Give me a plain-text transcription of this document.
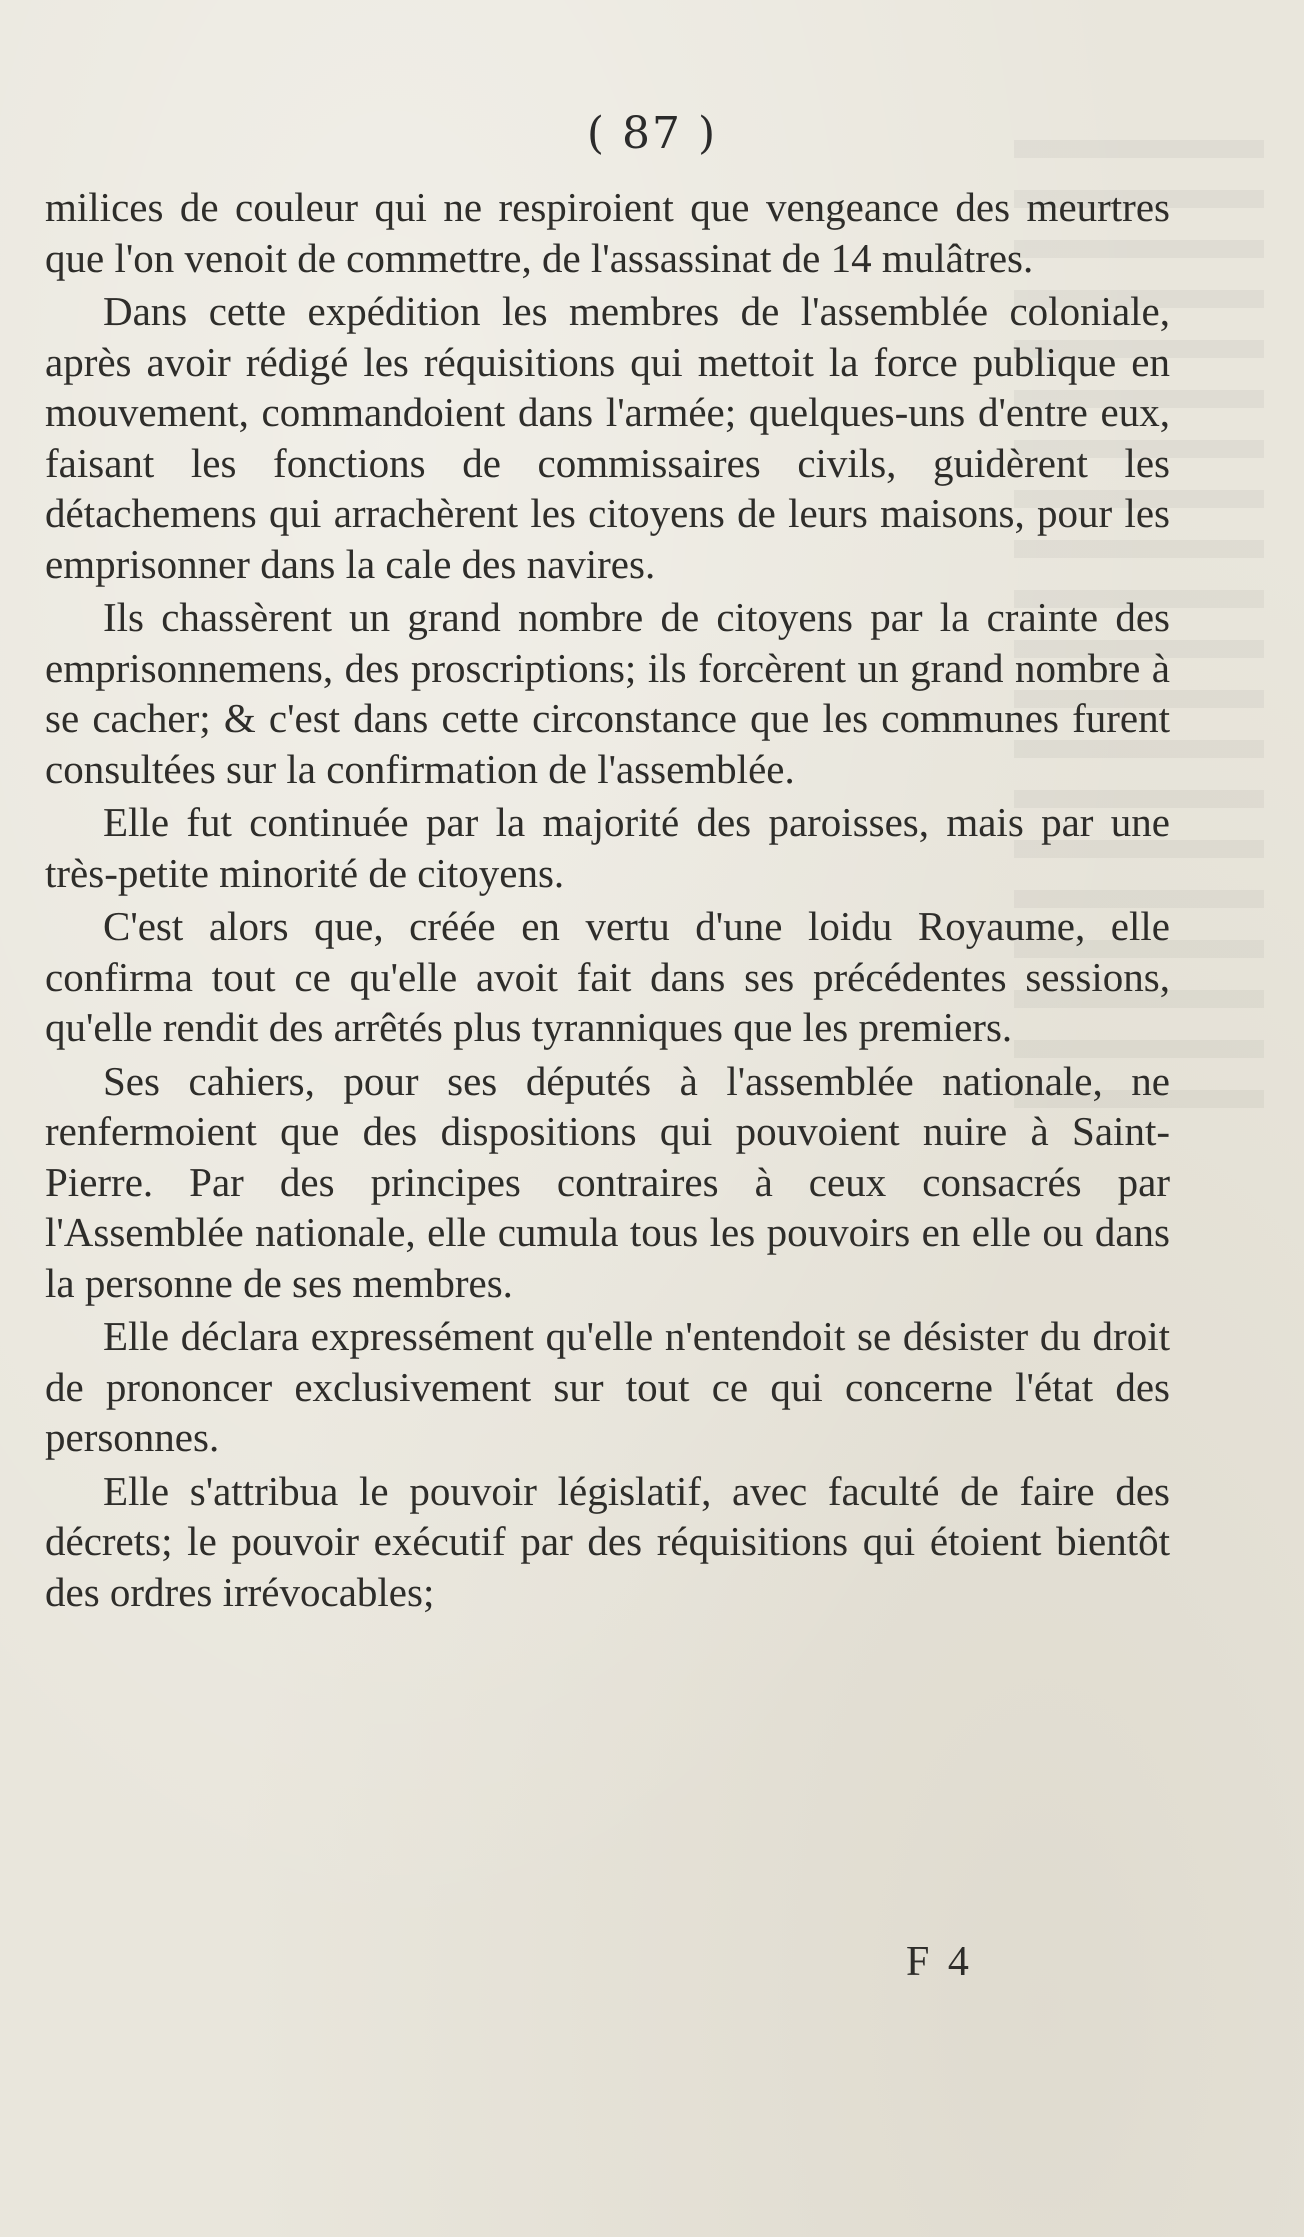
( 87 )

milices de couleur qui ne respiroient que vengeance des meurtres que l'on venoit de commettre, de l'assassinat de 14 mulâtres.

Dans cette expédition les membres de l'assemblée coloniale, après avoir rédigé les réquisitions qui mettoit la force publique en mouvement, commandoient dans l'armée; quelques-uns d'entre eux, faisant les fonctions de commissaires civils, guidèrent les détachemens qui arrachèrent les citoyens de leurs maisons, pour les emprisonner dans la cale des navires.

Ils chassèrent un grand nombre de citoyens par la crainte des emprisonnemens, des proscriptions; ils forcèrent un grand nombre à se cacher; & c'est dans cette circonstance que les communes furent consultées sur la confirmation de l'assemblée.

Elle fut continuée par la majorité des paroisses, mais par une très-petite minorité de citoyens.

C'est alors que, créée en vertu d'une loidu Royaume, elle confirma tout ce qu'elle avoit fait dans ses précédentes sessions, qu'elle rendit des arrêtés plus tyranniques que les premiers.

Ses cahiers, pour ses députés à l'assemblée nationale, ne renfermoient que des dispositions qui pouvoient nuire à Saint-Pierre. Par des principes contraires à ceux consacrés par l'Assemblée nationale, elle cumula tous les pouvoirs en elle ou dans la personne de ses membres.

Elle déclara expressément qu'elle n'entendoit se désister du droit de prononcer exclusivement sur tout ce qui concerne l'état des personnes.

Elle s'attribua le pouvoir législatif, avec faculté de faire des décrets; le pouvoir exécutif par des réquisitions qui étoient bientôt des ordres irrévocables;

F 4
